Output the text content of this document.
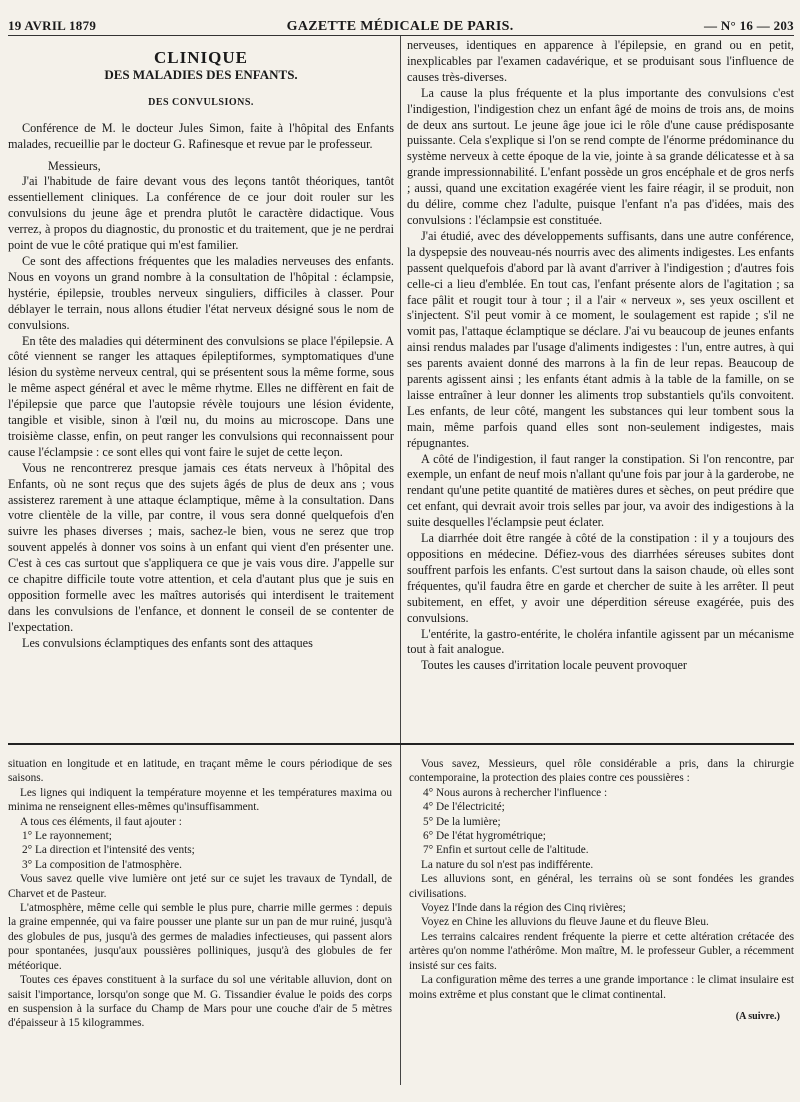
19 AVRIL 1879	GAZETTE MÉDICALE DE PARIS.	— N° 16 — 203
CLINIQUE
DES MALADIES DES ENFANTS.
DES CONVULSIONS.

Conférence de M. le docteur Jules Simon, faite à l'hôpital des Enfants malades, recueillie par le docteur G. Rafinesque et revue par le professeur.

Messieurs,

J'ai l'habitude de faire devant vous des leçons tantôt théoriques, tantôt essentiellement cliniques. La conférence de ce jour doit rouler sur les convulsions du jeune âge et prendra plutôt le caractère didactique. Vous verrez, à propos du diagnostic, du pronostic et du traitement, que je ne perdrai point de vue le côté pratique qui m'est familier.

Ce sont des affections fréquentes que les maladies nerveuses des enfants. Nous en voyons un grand nombre à la consultation de l'hôpital : éclampsie, hystérie, épilepsie, troubles nerveux singuliers, difficiles à classer. Pour déblayer le terrain, nous allons étudier l'état nerveux désigné sous le nom de convulsions.

En tête des maladies qui déterminent des convulsions se place l'épilepsie. A côté viennent se ranger les attaques épileptiformes, symptomatiques d'une lésion du système nerveux central, qui se présentent sous la même forme, sous le même aspect général et avec le même rhytme. Elles ne diffèrent en fait de l'épilepsie que parce que l'autopsie révèle toujours une lésion évidente, tangible et visible, sinon à l'œil nu, du moins au microscope. Dans une troisième classe, enfin, on peut ranger les convulsions qui reconnaissent pour cause l'éclampsie : ce sont elles qui vont faire le sujet de cette leçon.

Vous ne rencontrerez presque jamais ces états nerveux à l'hôpital des Enfants, où ne sont reçus que des sujets âgés de plus de deux ans ; vous assisterez rarement à une attaque éclamptique, même à la consultation. Dans votre clientèle de la ville, par contre, il vous sera donné quelquefois d'en suivre les phases diverses ; mais, sachez-le bien, vous ne serez que trop souvent appelés à donner vos soins à un enfant qui vient d'en présenter une. C'est à ces cas surtout que s'appliquera ce que je vais vous dire. J'appelle sur ce chapitre difficile toute votre attention, et cela d'autant plus que je suis en opposition formelle avec les maîtres autorisés qui interdisent le traitement dans les convulsions de l'enfance, et donnent le conseil de se contenter de l'expectation.

Les convulsions éclamptiques des enfants sont des attaques

nerveuses, identiques en apparence à l'épilepsie, en grand ou en petit, inexplicables par l'examen cadavérique, et se produisant sous l'influence de causes très-diverses.

La cause la plus fréquente et la plus importante des convulsions c'est l'indigestion, l'indigestion chez un enfant âgé de moins de trois ans, de moins de deux ans surtout. Le jeune âge joue ici le rôle d'une cause prédisposante puissante. Cela s'explique si l'on se rend compte de l'énorme prédominance du système nerveux à cette époque de la vie, jointe à sa grande délicatesse et à sa grande impressionnabilité. L'enfant possède un gros encéphale et de gros nerfs ; aussi, quand une excitation exagérée vient les faire réagir, il se produit, non du délire, comme chez l'adulte, puisque l'enfant n'a pas d'idées, mais des convulsions : l'éclampsie est constituée.

J'ai étudié, avec des développements suffisants, dans une autre conférence, la dyspepsie des nouveau-nés nourris avec des aliments indigestes. Les enfants passent quelquefois d'abord par là avant d'arriver à l'indigestion ; d'autres fois celle-ci a lieu d'emblée. En tout cas, l'enfant présente alors de l'agitation ; sa face pâlit et rougit tour à tour ; il a l'air « nerveux », ses yeux oscillent et s'injectent. S'il peut vomir à ce moment, le soulagement est rapide ; s'il ne vomit pas, l'attaque éclamptique se déclare. J'ai vu beaucoup de jeunes enfants ainsi rendus malades par l'usage d'aliments indigestes : l'un, entre autres, à qui ses parents avaient donné des marrons à la fin de leur repas. Beaucoup de parents agissent ainsi ; les enfants étant admis à la table de la famille, on se laisse entraîner à leur donner les aliments trop substantiels qu'ils convoitent. Les enfants, de leur côté, mangent les substances qui leur tombent sous la main, même parfois quand elles sont non-seulement indigestes, mais répugnantes.

A côté de l'indigestion, il faut ranger la constipation. Si l'on rencontre, par exemple, un enfant de neuf mois n'allant qu'une fois par jour à la garderobe, ne rendant qu'une petite quantité de matières dures et sèches, on peut prédire que cet enfant, qui devrait avoir trois selles par jour, va avoir des indigestions à la suite desquelles l'éclampsie peut éclater.

La diarrhée doit être rangée à côté de la constipation : il y a toujours des oppositions en médecine. Défiez-vous des diarrhées séreuses subites dont souffrent parfois les enfants. C'est surtout dans la saison chaude, où elles sont fréquentes, qu'il faudra être en garde et chercher de suite à les arrêter. Il peut subitement, en effet, y avoir une déperdition séreuse exagérée, puis des convulsions.

L'entérite, la gastro-entérite, le choléra infantile agissent par un mécanisme tout à fait analogue.

Toutes les causes d'irritation locale peuvent provoquer

situation en longitude et en latitude, en traçant même le cours périodique de ses saisons.

Les lignes qui indiquent la température moyenne et les températures maxima ou minima ne renseignent elles-mêmes qu'insuffisamment.

A tous ces éléments, il faut ajouter :

1° Le rayonnement;

2° La direction et l'intensité des vents;

3° La composition de l'atmosphère.

Vous savez quelle vive lumière ont jeté sur ce sujet les travaux de Tyndall, de Charvet et de Pasteur.

L'atmosphère, même celle qui semble le plus pure, charrie mille germes : depuis la graine empennée, qui va faire pousser une plante sur un pan de mur ruiné, jusqu'à des globules de pus, jusqu'à des germes de maladies infectieuses, qui passent alors pour spontanées, jusqu'aux poussières polliniques, jusqu'à des globules de fer météorique.

Toutes ces épaves constituent à la surface du sol une véritable alluvion, dont on saisit l'importance, lorsqu'on songe que M. G. Tissandier évalue le poids des corps en suspension à la surface du Champ de Mars pour une couche d'air de 5 mètres d'épaisseur à 15 kilogrammes.

Vous savez, Messieurs, quel rôle considérable a pris, dans la chirurgie contemporaine, la protection des plaies contre ces poussières :

4° Nous aurons à rechercher l'influence :

4° De l'électricité;

5° De la lumière;

6° De l'état hygrométrique;

7° Enfin et surtout celle de l'altitude.

La nature du sol n'est pas indifférente.

Les alluvions sont, en général, les terrains où se sont fondées les grandes civilisations.

Voyez l'Inde dans la région des Cinq rivières;

Voyez en Chine les alluvions du fleuve Jaune et du fleuve Bleu.

Les terrains calcaires rendent fréquente la pierre et cette altération crétacée des artères qu'on nomme l'athérôme. Mon maître, M. le professeur Gubler, a récemment insisté sur ces faits.

La configuration même des terres a une grande importance : le climat insulaire est moins extrême et plus constant que le climat continental.

(A suivre.)
